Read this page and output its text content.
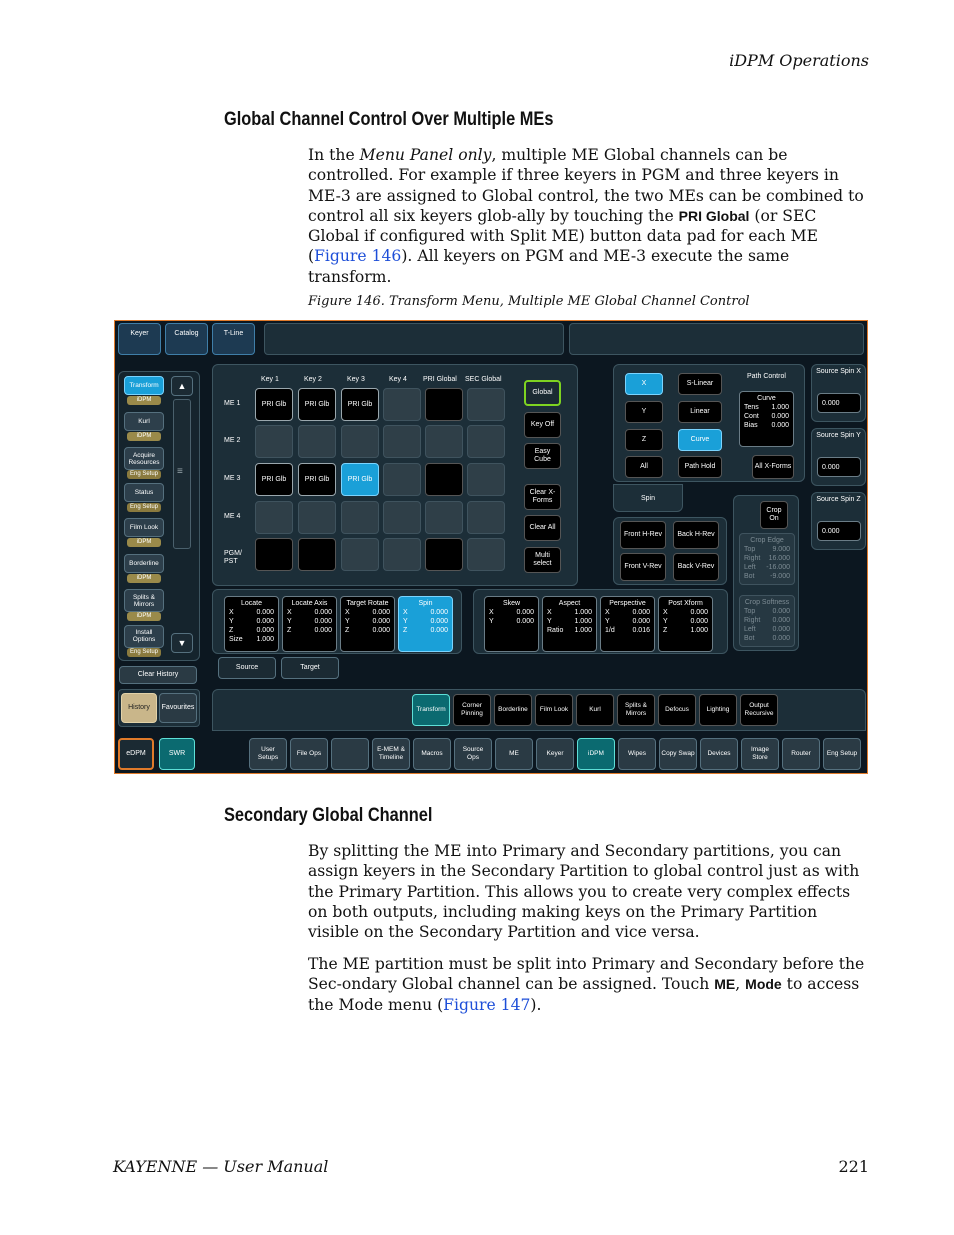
iDPM Operations
Global Channel Control Over Multiple MEs

In the Menu Panel only, multiple ME Global channels can be controlled. For example if three keyers in PGM and three keyers in ME-3 are assigned to Global control, the two MEs can be combined to control all six keyers glob-ally by touching the PRI Global (or SEC Global if configured with Split ME) button data pad for each ME (Figure 146). All keyers on PGM and ME-3 execute the same transform.

Figure 146. Transform Menu, Multiple ME Global Channel Control
Keyer	Catalog	T-Line
Transform
iDPM
Kurl
iDPM
Acquire Resources
Eng Setup
Status
Eng Setup
Film Look
iDPM
Borderline
iDPM
Splits & Mirrors
iDPM
Install Options
Eng Setup
▲
≡
▼
Clear History
History	Favourites
eDPM	SWR
Key 1	Key 2	Key 3	Key 4 PRI Global SEC Global
ME 1
ME 2
ME 3
ME 4
PGM/ PST
PRI Glb	PRI Glb	PRI Glb
PRI Glb	PRI Glb	PRI Glb
Global
Key Off
Easy Cube
Clear X-Forms
Clear All
Multi select
X
Y
Z
All
S-Linear
Linear
Curve
Path Hold
Path Control
Curve
Tens 1.000
Cont 0.000
Bias 0.000
All X-Forms
Spin
Front H-Rev	Back H-Rev
Front V-Rev	Back V-Rev
Crop On
Crop Edge
Top 9.000
Right 16.000
Left -16.000
Bot -9.000
Crop Softness
Top 0.000
Right 0.000
Left 0.000
Bot	0.000
Source Spin X
0.000
Source Spin Y
0.000
Source Spin Z
0.000
Locate
X	0.000
Y	0.000
Z	0.000
Size 1.000
Locate Axis
X	0.000
Y	0.000
Z	0.000
Target Rotate
X	0.000
Y	0.000
Z	0.000
Spin
X	0.000
Y	0.000
Z	0.000
Skew
X	0.000
Y	0.000
Aspect
X	1.000
Y	1.000
Ratio 1.000
Perspective
X	0.000
Y	0.000
1/d	0.016
Post Xform
X	0.000
Y	0.000
Z	1.000
Source	Target
Transform
Corner Pinning
Borderline	Film Look	Kurl
Splits & Mirrors
Defocus	Lighting
Output Recursive
User Setups
File Ops
E-MEM & Timeline
Macros
Source Ops
ME	Keyer	iDPM	Wipes	Copy Swap	Devices
Image Store
Router	Eng Setup
Secondary Global Channel

By splitting the ME into Primary and Secondary partitions, you can assign keyers in the Secondary Partition to global control just as with the Primary Partition. This allows you to create very complex effects on both outputs, including making keys on the Primary Partition visible on the Secondary Partition and vice versa.

The ME partition must be split into Primary and Secondary before the Sec-ondary Global channel can be assigned. Touch ME, Mode to access the Mode menu (Figure 147).

KAYENNE — User Manual	221
